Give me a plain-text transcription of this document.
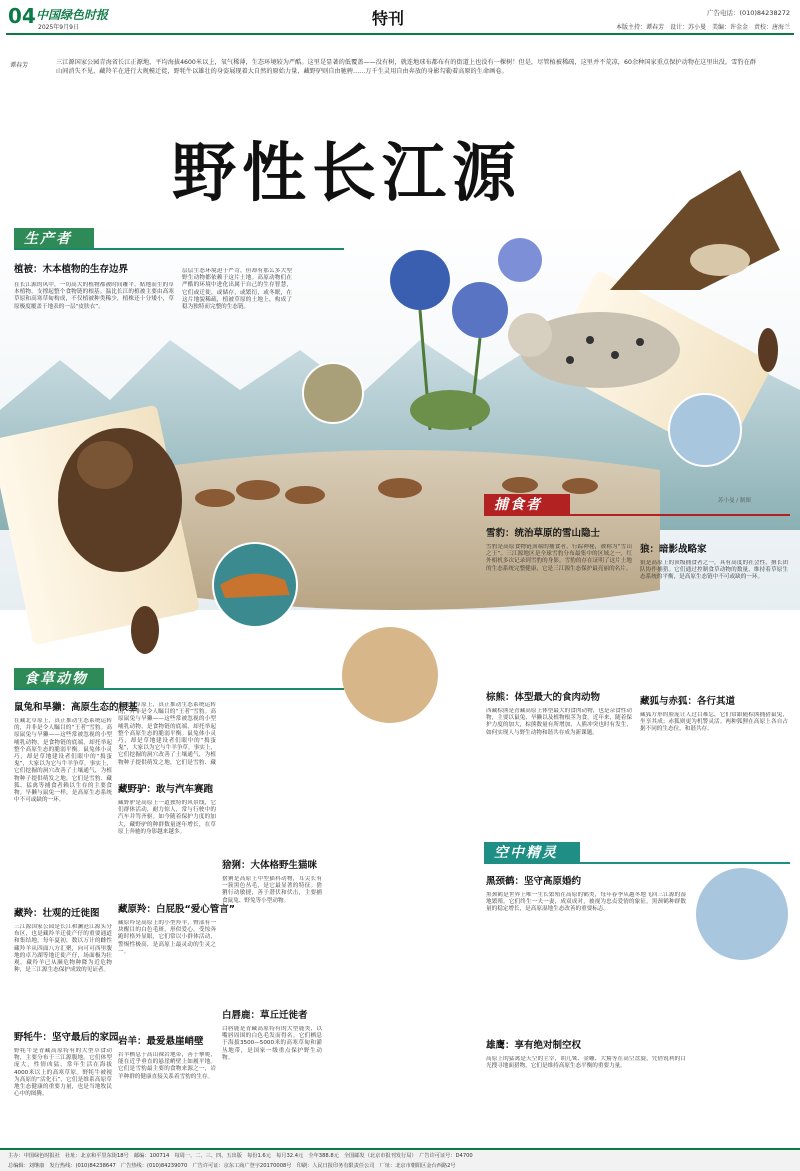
04 中国绿色时报
2025年9月9日	特刊	广告电话：(010)84238272
本版主持：谭春芳　设计：苏小曼　美编：许金金　责校：唐海兰
谭春芳	三江源国家公园青海省长江正源地，平均海拔4600米以上，氧气稀薄，生态环境较为严酷。这里是显著的低覆盖——没有树，就连地球布都布有的街道上也没有一棵树！但是，尽管植被稀疏，这里并不荒凉，60余种国家重点保护动物在这里出没。雪豹在群山间消失不见，藏羚羊在进行大规模迁徙，野牦牛以雄壮的身姿展现着大自然的原始力量，藏野驴则自由驰骋……万千生灵用自由奔放的身影勾勒着高原的生命画卷。
野性长江源
苏小曼 / 制图
生产者
植被：木本植物的生存边界
在长江源的风中，一切高大的植物都被时间雕平。贴地而生的草本植物，支撑起整个食物链的根基。温比长江的植被主要由高寒草原和高寒草甸构成，不仅植被种类稀少，植株还十分矮小，草原极度覆盖于地表的一层“皮肤衣”。
层层生态环境迫于严苛，但却有那么多大型野生动物都依赖于这片土地。高原动物们在严酷的环境中进化出属于自己的生存智慧，它们或迁徙，或储存，或繁衍，或冬眠，在这片地貌稀疏，植被草原的土地上，构成了稳为独特而完整的生态链。
食草动物
鼠兔和旱獭：高原生态的根基
在藏北草原上，真正推动生态系统运转的，并非是令人瞩目的“王者”雪豹。高原鼠兔与旱獭——这些常被忽视的小型哺乳动物，是食物链的底端，却托举起整个高原生态的脆弱平衡。鼠兔体小灵巧，却是草地建设者们眼中的“捣蛋鬼”，大家以为它与牛羊争草。事实上，它们挖掘的洞穴改善了土壤通气，为植物种子提供萌发之地，它们是雪豹、藏狐、猛禽等捕食者赖以生存的主要食物。旱獭与鼠兔一样，是高原生态系统中不可或缺的一环。
藏羚：壮观的迁徙图
三江源国家公园是长江和澜沧江源头分布区，也是藏羚羊迁徙产仔的重要通道和集结地。每年夏初，数以万计的雌性藏羚羊从四面八方汇聚，向可可西里腹地的卓乃湖等地迁徙产仔，场面极为壮观。藏羚羊已从濒危物种降为近危物种，是三江源生态保护成效的见证者。
野牦牛：坚守最后的家园
野牦牛是青藏高原特有的大型草食动物，主要分布于三江源腹地。它们体型庞大，性情凶猛，常年生活在海拔4000米以上的高寒草原。野牦牛被视为高原的“活化石”，它们是维系高原草地生态健康的重要力量，也是当地牧民心中的图腾。
在藏北草原上，真正推动生态系统运转的，并非是令人瞩目的“王者”雪豹。高原鼠兔与旱獭——这些常被忽视的小型哺乳动物，是食物链的底端，却托举起整个高原生态的脆弱平衡。鼠兔体小灵巧，却是草地建设者们眼中的“捣蛋鬼”，大家以为它与牛羊争草。事实上，它们挖掘的洞穴改善了土壤通气，为植物种子提供萌发之地，它们是雪豹、藏
藏野驴：敢与汽车赛跑
藏野驴是高原上一道独特的风景线，它们群体活动，耐力惊人，常与行驶中的汽车并驾齐驱。如今随着保护力度的加大，藏野驴的种群数量逐年增长，在草原上奔驰的身影越来越多。
藏原羚：白屁股“爱心管言”
藏原羚是高原上的小型羚羊，臀部有一块醒目的白色毛斑，形似爱心，受惊奔跑时格外显眼，它们常以小群体活动，警惕性极高，是高原上最灵动的生灵之一。
岩羊：最爱悬崖峭壁
岩羊栖息于高山裸岩地带，善于攀爬，能在近乎垂直的悬崖峭壁上如履平地。它们是雪豹最主要的食物来源之一，岩羊种群的健康直接关系着雪豹的生存。
猞猁：大体格野生猫咪
猞猁是高原上中型猫科动物，耳尖长有一簇黑色丛毛，是它最显著的特征。猞猁行动敏捷，善于潜伏和伏击，主要捕食鼠兔、野兔等小型动物。
白唇鹿：草丘迁徙者
白唇鹿是青藏高原特有的大型鹿类，以嘴唇周围的白色毛发而得名。它们栖息于海拔3500—5000米的高寒草甸和灌丛地带，是国家一级重点保护野生动物。
捕食者
雪豹：统治草原的雪山隐士
雪豹是高原食物链顶端的捕食者，行踪神秘，被称为“雪山之王”。三江源地区是全球雪豹分布最集中的区域之一，红外相机多次记录到雪豹的身影。雪豹的存在证明了这片土地的生态系统完整健康，它是三江源生态保护最亮丽的名片。
棕熊：体型最大的食肉动物
西藏棕熊是青藏高原上体型最大的食肉动物，也是杂食性动物，主要以鼠兔、旱獭以及植物根茎为食。近年来，随着保护力度的加大，棕熊数量有所增加，人熊冲突也时有发生，如何实现人与野生动物和谐共存成为新课题。
狼：暗影战略家
狼是高原上的顶级捕食者之一，具有高度的社会性，擅长团队协作捕猎。它们通过控制食草动物的数量，维持着草原生态系统的平衡，是高原生态链中不可或缺的一环。
藏狐与赤狐：各行其道
藏狐方形的脸庞让人过目难忘，它们常跟随棕熊捕猎鼠兔，坐享其成；赤狐则更为机警灵活。两种狐狸在高原上各自占据不同的生态位，和谐共存。
空中精灵
黑颈鹤：坚守高原婚约
黑颈鹤是世界上唯一生长繁殖在高原的鹤类，每年春季从越冬地飞回三江源的湿地繁殖。它们终生一夫一妻，成双成对，被视为忠贞爱情的象征。黑颈鹤种群数量的稳定增长，是高原湿地生态改善的重要标志。
雄鹰：享有绝对制空权
高原上的猛禽是天空的主宰，胡兀鹫、金雕、大鵟等在高空盘旋，凭借锐利的目光搜寻地面猎物，它们是维持高原生态平衡的重要力量。
主办：中国绿色时报社　社址：北京和平里东街18号　邮编：100714　每周一、二、三、四、五出版　每份1.6元　每月32.4元　全年388.8元　全国邮发（北京市报刊发行局）　广告许可证号：D4700
总编辑：刘继康　发行热线：(010)84238647　广告热线：(010)84239070　广告许可证：京东工商广登字20170008号　印刷：人民日报印务有限责任公司　厂址：北京市朝阳区金台西路2号
